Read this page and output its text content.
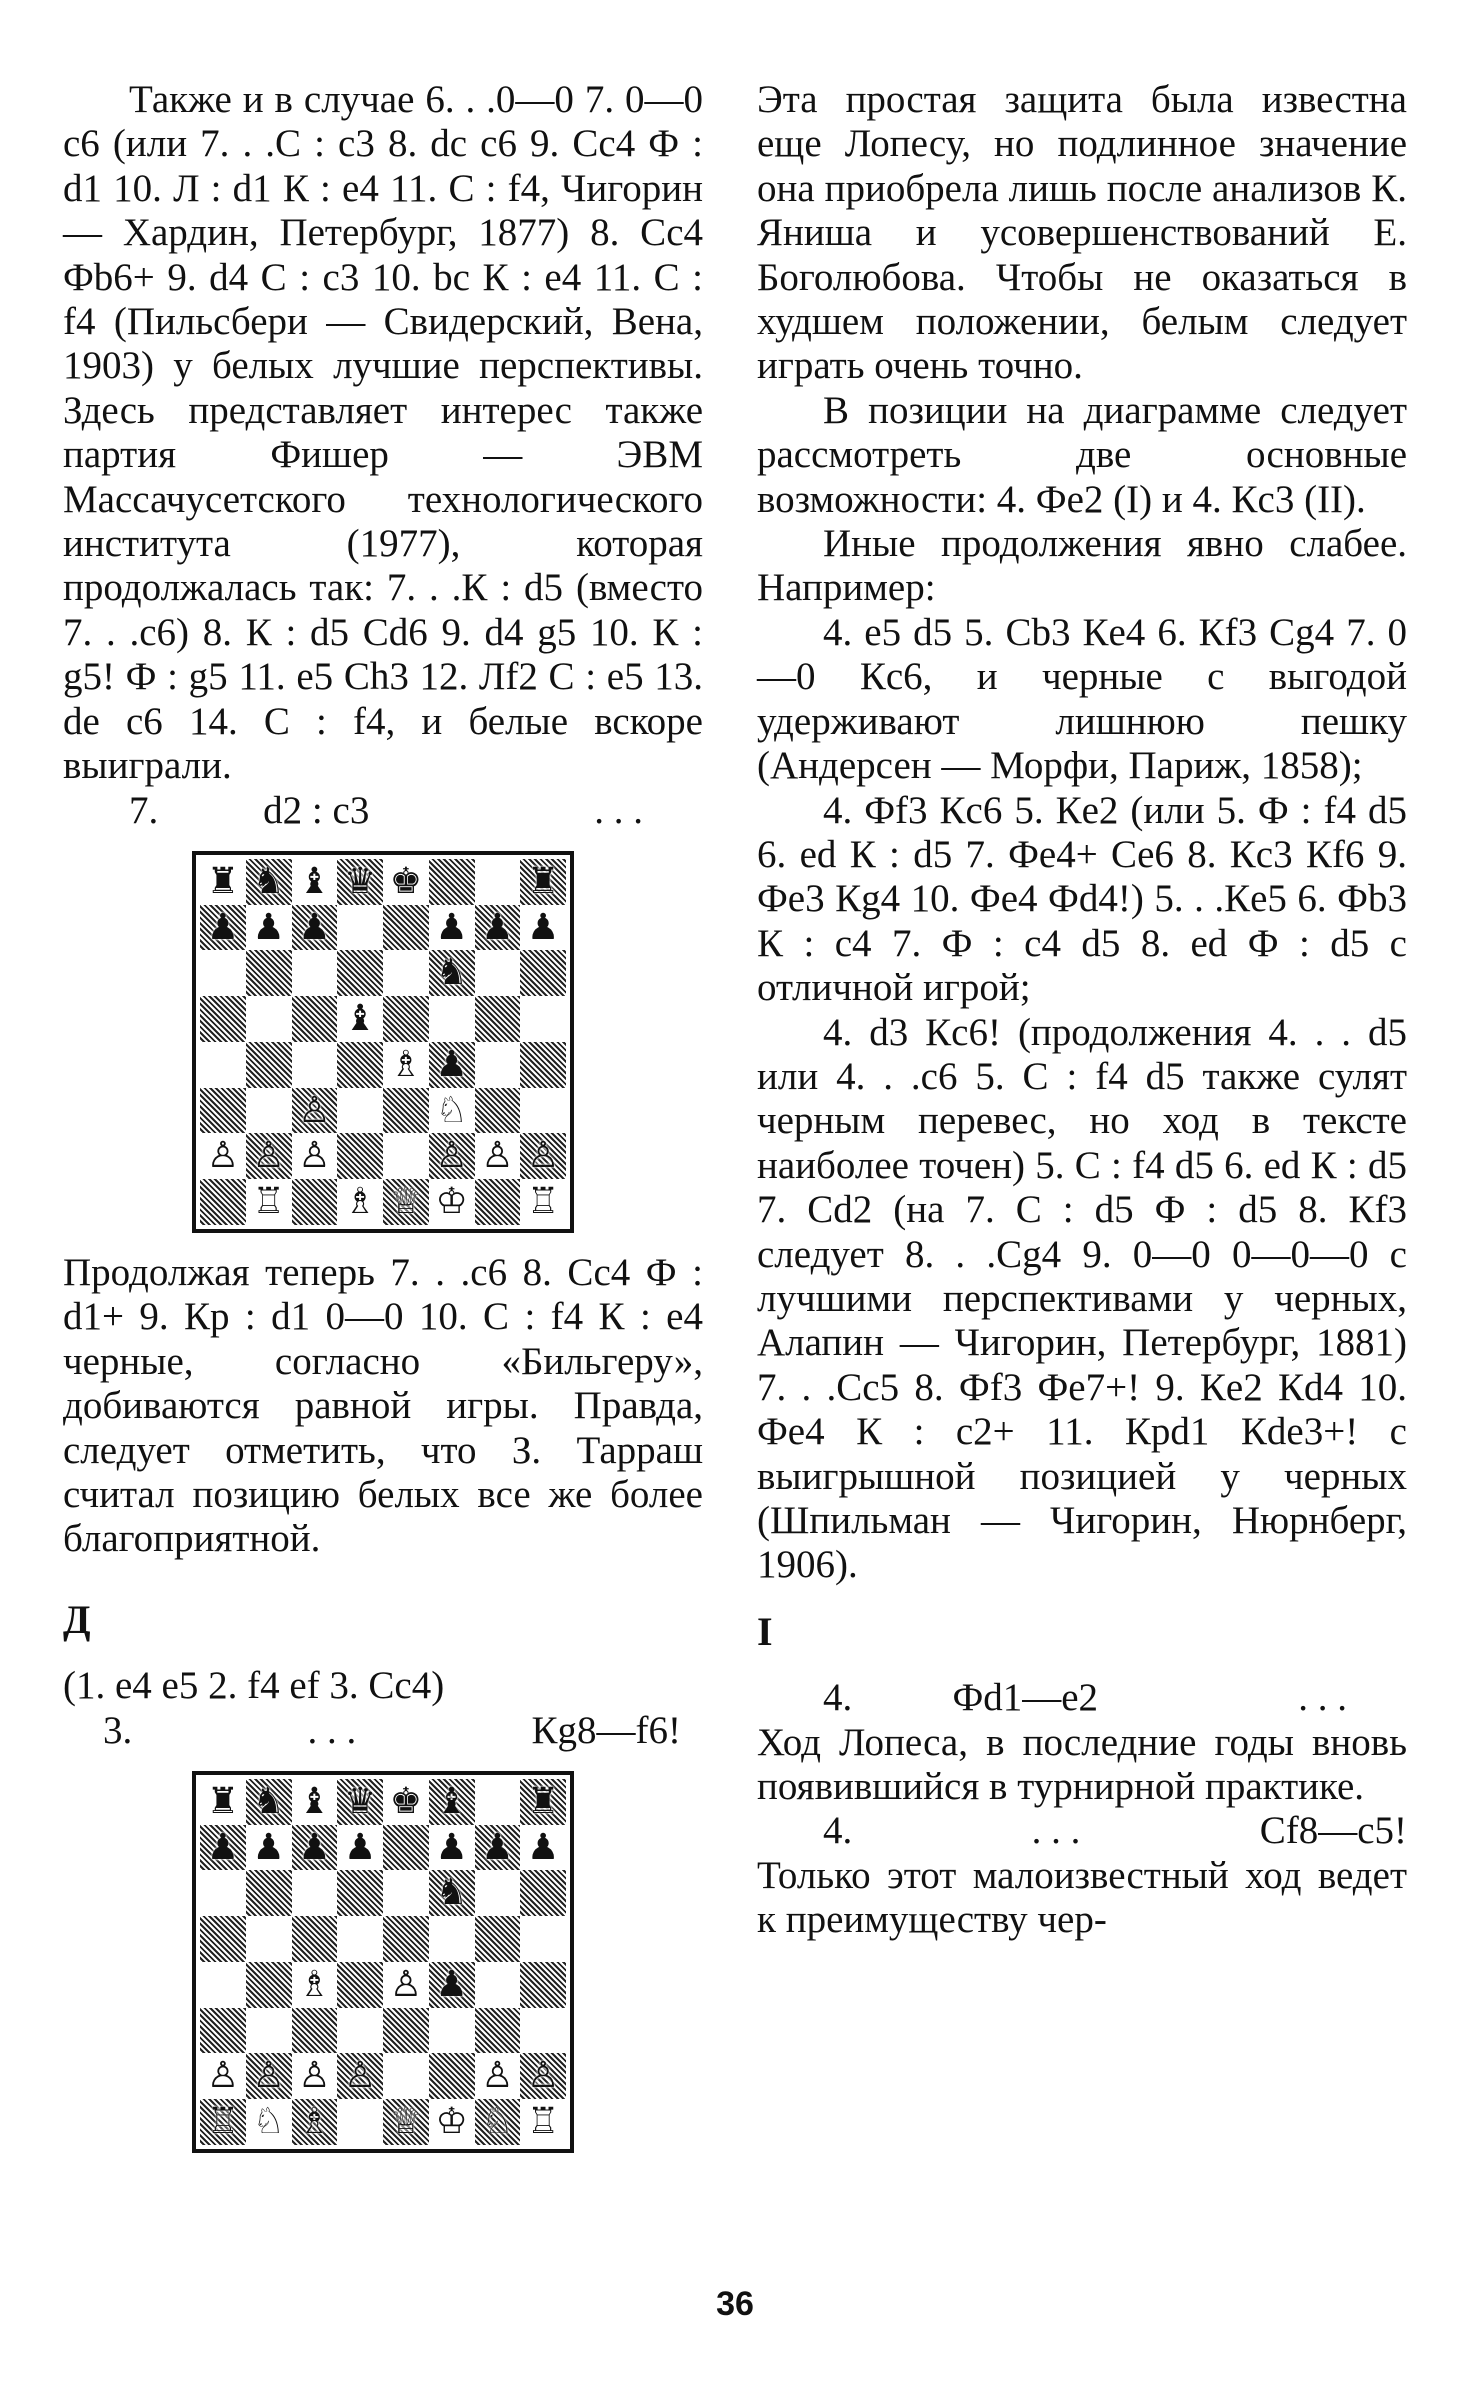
Также и в случае 6. . .0—0 7. 0—0 c6 (или 7. . .С : c3 8. dc c6 9. Cc4 Ф : d1 10. Л : d1 К : e4 11. С : f4, Чигорин — Хардин, Петербург, 1877) 8. Cc4 Фb6+ 9. d4 С : c3 10. bc К : e4 11. С : f4 (Пильсбери — Свидерский, Вена, 1903) у белых лучшие перспективы. Здесь представляет интерес также партия Фишер — ЭВМ Массачусетского технологического института (1977), которая продолжалась так: 7. . .К : d5 (вместо 7. . .c6) 8. К : d5 Cd6 9. d4 g5 10. К : g5! Ф : g5 11. e5 Ch3 12. Лf2 С : e5 13. de c6 14. С : f4, и белые вскоре выиграли.

7.	d2 : c3	. . .
♜ ♞ ♝ ♛ ♚	♜
♟ ♟ ♟	♟ ♟ ♟
♞
♝
♗ ♟
♙	♘
♙ ♙ ♙	♙ ♙ ♙
♖ ♗ ♕ ♔ ♖

Продолжая теперь 7. . .c6 8. Cc4 Ф : d1+ 9. Кр : d1 0—0 10. С : f4 К : e4 черные, согласно «Бильгеру», добиваются равной игры. Правда, следует отметить, что З. Тарраш считал позицию белых все же более благоприятной.

Д

(1. e4 e5 2. f4 ef 3. Cc4)

3.	. . .	Кg8—f6!
♜ ♞ ♝ ♛ ♚ ♝ ♜
♟ ♟ ♟ ♟ ♟ ♟ ♟
♞
♗ ♙ ♟
♙ ♙ ♙ ♙	♙ ♙
♖ ♘ ♗ ♕ ♔ ♘ ♖

Эта простая защита была известна еще Лопесу, но подлинное значение она приобрела лишь после анализов К. Яниша и усовершенствований Е. Боголюбова. Чтобы не оказаться в худшем положении, белым следует играть очень точно.

В позиции на диаграмме следует рассмотреть две основные возможности: 4. Фе2 (I) и 4. Кc3 (II).

Иные продолжения явно слабее. Например:

4. e5 d5 5. Cb3 Кe4 6. Кf3 Cg4 7. 0—0 Кc6, и черные с выгодой удерживают лишнюю пешку (Андерсен — Морфи, Париж, 1858);

4. Фf3 Кc6 5. Кe2 (или 5. Ф : f4 d5 6. ed К : d5 7. Фe4+ Ce6 8. Кc3 Кf6 9. Фe3 Кg4 10. Фe4 Фd4!) 5. . .Кe5 6. Фb3 К : c4 7. Ф : c4 d5 8. ed Ф : d5 с отличной игрой;

4. d3 Кc6! (продолжения 4. . . d5 или 4. . .c6 5. С : f4 d5 также сулят черным перевес, но ход в тексте наиболее точен) 5. С : f4 d5 6. ed К : d5 7. Cd2 (на 7. С : d5 Ф : d5 8. Кf3 следует 8. . .Cg4 9. 0—0 0—0—0 с лучшими перспективами у черных, Алапин — Чигорин, Петербург, 1881) 7. . .Cc5 8. Фf3 Фe7+! 9. Кe2 Кd4 10. Фe4 К : c2+ 11. Крd1 Кde3+! с выигрышной позицией у черных (Шпильман — Чигорин, Нюрнберг, 1906).

I

4.	Фd1—e2	. . .

Ход Лопеса, в последние годы вновь появившийся в турнирной практике.

4.	. . .	Cf8—c5!

Только этот малоизвестный ход ведет к преимуществу чер-

36
